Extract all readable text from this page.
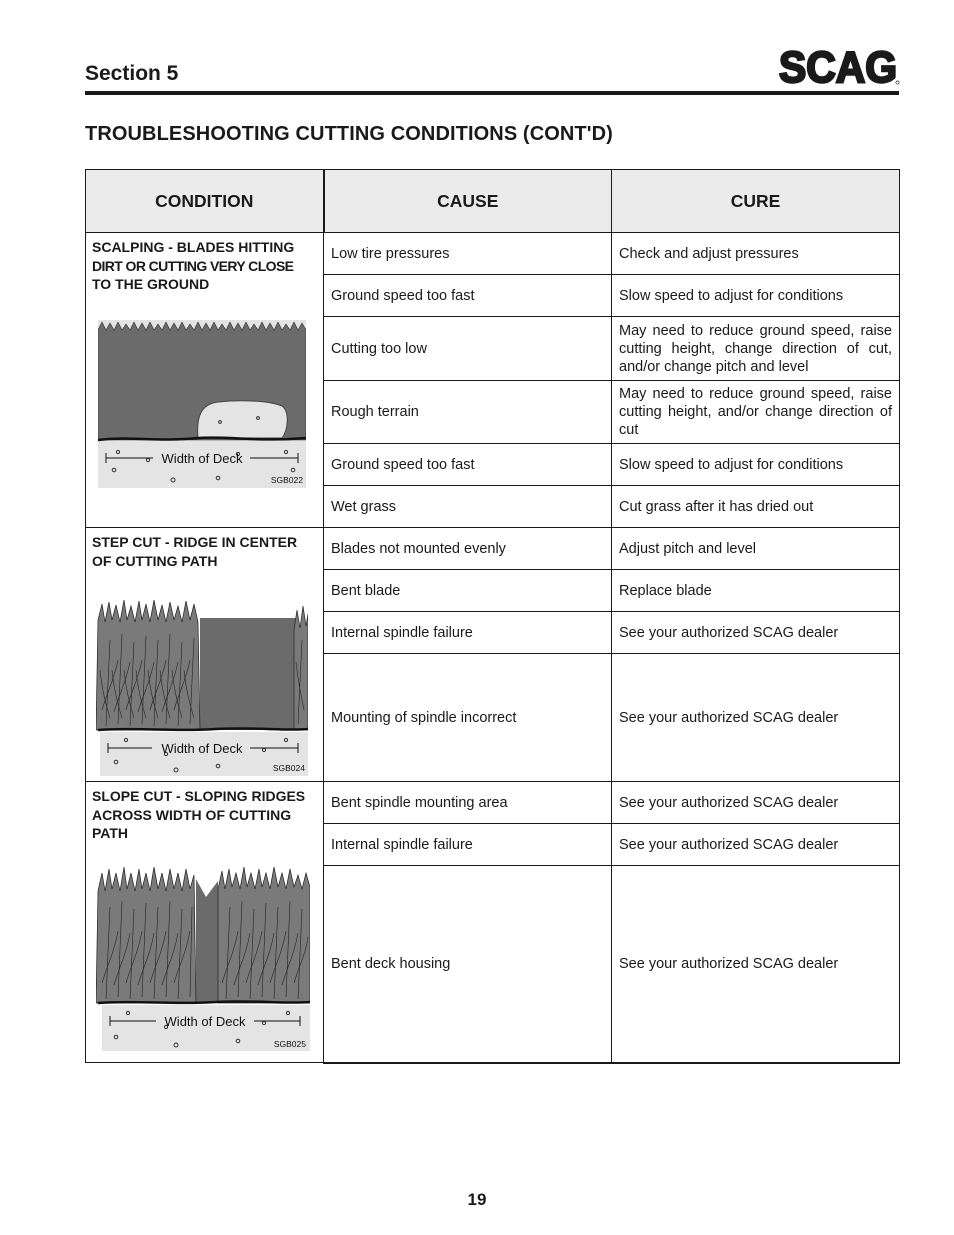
Section 5	SCAG
TROUBLESHOOTING CUTTING CONDITIONS (CONT'D)
CONDITION	CAUSE	CURE

SCALPING - BLADES HITTING
DIRT OR CUTTING VERY CLOSE
TO THE GROUND
Width of Deck
SGB022	Low tire pressures	Check and adjust pressures
	Ground speed too fast	Slow speed to adjust for conditions
	Cutting too low	May need to reduce ground speed, raise cutting height, change direction of cut, and/or change pitch and level
	Rough terrain	May need to reduce ground speed, raise cutting height, and/or change direction of cut
	Ground speed too fast	Slow speed to adjust for conditions
	Wet grass	Cut grass after it has dried out

STEP CUT - RIDGE IN CENTER
OF CUTTING PATH
Width of Deck
SGB024	Blades not mounted evenly	Adjust pitch and level
	Bent blade	Replace blade
	Internal spindle failure	See your authorized SCAG dealer
	Mounting of spindle incorrect	See your authorized SCAG dealer

SLOPE CUT - SLOPING RIDGES
ACROSS WIDTH OF CUTTING
PATH
Width of Deck
SGB025	Bent spindle mounting area	See your authorized SCAG dealer
	Internal spindle failure	See your authorized SCAG dealer
	Bent deck housing	See your authorized SCAG dealer
19
